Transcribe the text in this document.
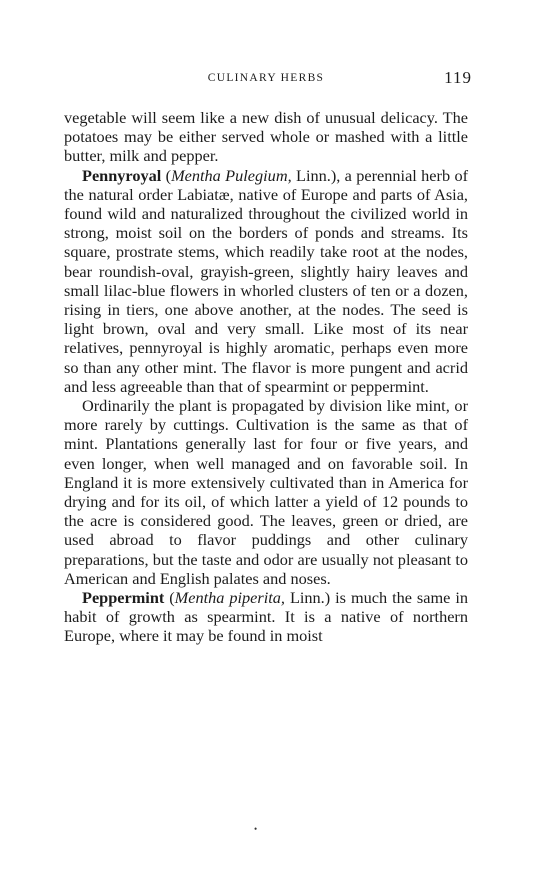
CULINARY HERBS	119

vegetable will seem like a new dish of unusual delicacy. The potatoes may be either served whole or mashed with a little butter, milk and pepper.

Pennyroyal (Mentha Pulegium, Linn.), a perennial herb of the natural order Labiatæ, native of Europe and parts of Asia, found wild and naturalized throughout the civilized world in strong, moist soil on the borders of ponds and streams. Its square, prostrate stems, which readily take root at the nodes, bear roundish-oval, grayish-green, slightly hairy leaves and small lilac-blue flowers in whorled clusters of ten or a dozen, rising in tiers, one above another, at the nodes. The seed is light brown, oval and very small. Like most of its near relatives, pennyroyal is highly aromatic, perhaps even more so than any other mint. The flavor is more pungent and acrid and less agreeable than that of spearmint or peppermint.

Ordinarily the plant is propagated by division like mint, or more rarely by cuttings. Cultivation is the same as that of mint. Plantations generally last for four or five years, and even longer, when well managed and on favorable soil. In England it is more extensively cultivated than in America for drying and for its oil, of which latter a yield of 12 pounds to the acre is considered good. The leaves, green or dried, are used abroad to flavor puddings and other culinary preparations, but the taste and odor are usually not pleasant to American and English palates and noses.

Peppermint (Mentha piperita, Linn.) is much the same in habit of growth as spearmint. It is a native of northern Europe, where it may be found in moist

•
